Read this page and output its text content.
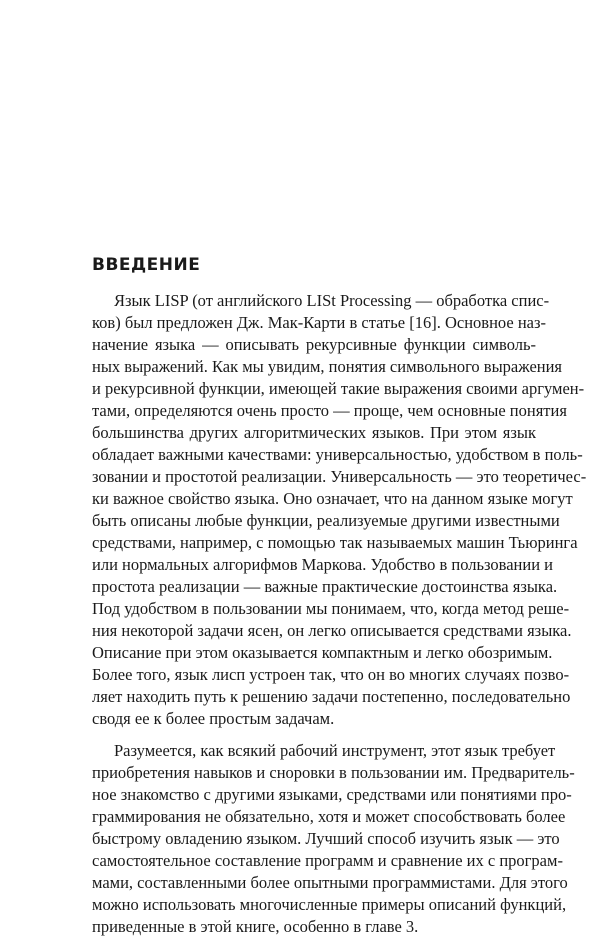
ВВЕДЕНИЕ
Язык LISP (от английского LISt Processing — обработка спис-
ков) был предложен Дж. Мак-Карти в статье [16]. Основное наз-
начение языка — описывать рекурсивные функции символь-
ных выражений. Как мы увидим, понятия символьного выражения
и рекурсивной функции, имеющей такие выражения своими аргумен-
тами, определяются очень просто — проще, чем основные понятия
большинства других алгоритмических языков. При этом язык
обладает важными качествами: универсальностью, удобством в поль-
зовании и простотой реализации. Универсальность — это теоретичес-
ки важное свойство языка. Оно означает, что на данном языке могут
быть описаны любые функции, реализуемые другими известными
средствами, например, с помощью так называемых машин Тьюринга
или нормальных алгорифмов Маркова. Удобство в пользовании и
простота реализации — важные практические достоинства языка.
Под удобством в пользовании мы понимаем, что, когда метод реше-
ния некоторой задачи ясен, он легко описывается средствами языка.
Описание при этом оказывается компактным и легко обозримым.
Более того, язык лисп устроен так, что он во многих случаях позво-
ляет находить путь к решению задачи постепенно, последовательно
сводя ее к более простым задачам.
Разумеется, как всякий рабочий инструмент, этот язык требует
приобретения навыков и сноровки в пользовании им. Предваритель-
ное знакомство с другими языками, средствами или понятиями про-
граммирования не обязательно, хотя и может способствовать более
быстрому овладению языком. Лучший способ изучить язык — это
самостоятельное составление программ и сравнение их с програм-
мами, составленными более опытными программистами. Для этого
можно использовать многочисленные примеры описаний функций,
приведенные в этой книге, особенно в главе 3.
